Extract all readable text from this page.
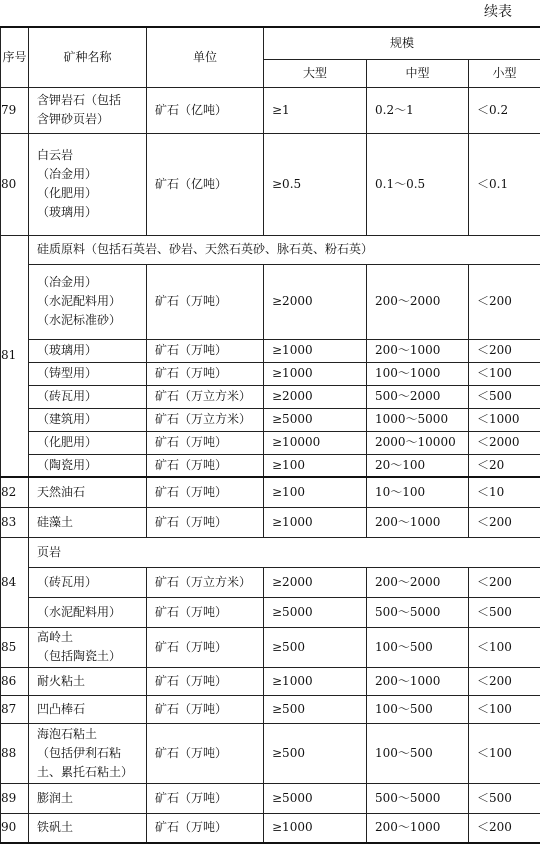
续表
序号	矿种名称	单位	规模		
			大型	中型	小型
79	含钾岩石（包括
含钾砂页岩）	矿石（亿吨）	≥1	0.2～1	＜0.2
80	白云岩
（冶金用）
（化肥用）
（玻璃用）	矿石（亿吨）	≥0.5	0.1～0.5	＜0.1
81	硅质原料（包括石英岩、砂岩、天然石英砂、脉石英、粉石英）				

	（冶金用）
（水泥配料用）
（水泥标准砂）	矿石（万吨）	≥2000	200～2000	＜200

	（玻璃用）	矿石（万吨）	≥1000	200～1000	＜200

	（铸型用）	矿石（万吨）	≥1000	100～1000	＜100

	（砖瓦用）	矿石（万立方米）	≥2000	500～2000	＜500

	（建筑用）	矿石（万立方米）	≥5000	1000～5000	＜1000

	（化肥用）	矿石（万吨）	≥10000	2000～10000	＜2000

	（陶瓷用）	矿石（万吨）	≥100	20～100	＜20
82	天然油石	矿石（万吨）	≥100	10～100	＜10
83	硅藻土	矿石（万吨）	≥1000	200～1000	＜200
84	页岩				

	（砖瓦用）	矿石（万立方米）	≥2000	200～2000	＜200

	（水泥配料用）	矿石（万吨）	≥5000	500～5000	＜500
85	高岭土
（包括陶瓷土）	矿石（万吨）	≥500	100～500	＜100
86	耐火粘土	矿石（万吨）	≥1000	200～1000	＜200
87	凹凸棒石	矿石（万吨）	≥500	100～500	＜100
88	海泡石粘土
（包括伊利石粘
土、累托石粘土）	矿石（万吨）	≥500	100～500	＜100
89	膨润土	矿石（万吨）	≥5000	500～5000	＜500
90	铁矾土	矿石（万吨）	≥1000	200～1000	＜200
